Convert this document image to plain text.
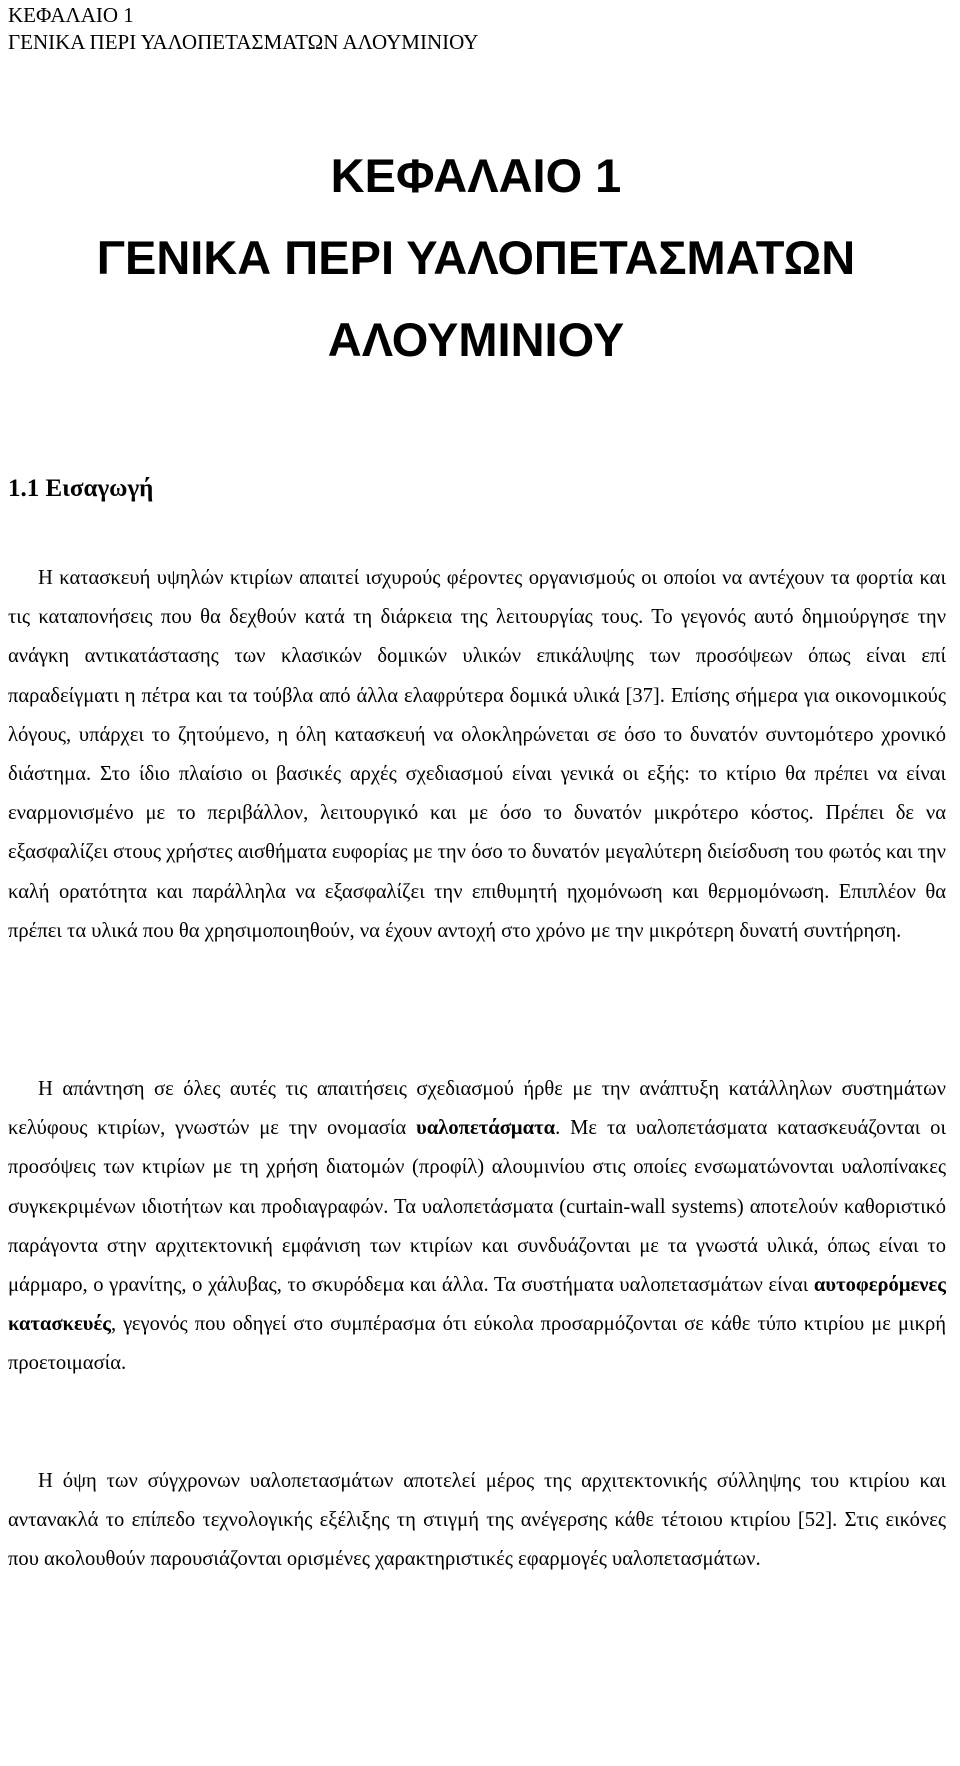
ΚΕΦΑΛΑΙΟ 1
ΓΕΝΙΚΑ ΠΕΡΙ ΥΑΛΟΠΕΤΑΣΜΑΤΩΝ ΑΛΟΥΜΙΝΙΟΥ
ΚΕΦΑΛΑΙΟ 1
ΓΕΝΙΚΑ ΠΕΡΙ ΥΑΛΟΠΕΤΑΣΜΑΤΩΝ
ΑΛΟΥΜΙΝΙΟΥ
1.1 Εισαγωγή

Η κατασκευή υψηλών κτιρίων απαιτεί ισχυρούς φέροντες οργανισμούς οι οποίοι να αντέχουν τα φορτία και τις καταπονήσεις που θα δεχθούν κατά τη διάρκεια της λειτουργίας τους. Το γεγονός αυτό δημιούργησε την ανάγκη αντικατάστασης των κλασικών δομικών υλικών επικάλυψης των προσόψεων όπως είναι επί παραδείγματι η πέτρα και τα τούβλα από άλλα ελαφρύτερα δομικά υλικά [37]. Επίσης σήμερα για οικονομικούς λόγους, υπάρχει το ζητούμενο, η όλη κατασκευή να ολοκληρώνεται σε όσο το δυνατόν συντομότερο χρονικό διάστημα. Στο ίδιο πλαίσιο οι βασικές αρχές σχεδιασμού είναι γενικά οι εξής: το κτίριο θα πρέπει να είναι εναρμονισμένο με το περιβάλλον, λειτουργικό και με όσο το δυνατόν μικρότερο κόστος. Πρέπει δε να εξασφαλίζει στους χρήστες αισθήματα ευφορίας με την όσο το δυνατόν μεγαλύτερη διείσδυση του φωτός και την καλή ορατότητα και παράλληλα να εξασφαλίζει την επιθυμητή ηχομόνωση και θερμομόνωση. Επιπλέον θα πρέπει τα υλικά που θα χρησιμοποιηθούν, να έχουν αντοχή στο χρόνο με την μικρότερη δυνατή συντήρηση.

Η απάντηση σε όλες αυτές τις απαιτήσεις σχεδιασμού ήρθε με την ανάπτυξη κατάλληλων συστημάτων κελύφους κτιρίων, γνωστών με την ονομασία υαλοπετάσματα. Με τα υαλοπετάσματα κατασκευάζονται οι προσόψεις των κτιρίων με τη χρήση διατομών (προφίλ) αλουμινίου στις οποίες ενσωματώνονται υαλοπίνακες συγκεκριμένων ιδιοτήτων και προδιαγραφών. Τα υαλοπετάσματα (curtain-wall systems) αποτελούν καθοριστικό παράγοντα στην αρχιτεκτονική εμφάνιση των κτιρίων και συνδυάζονται με τα γνωστά υλικά, όπως είναι το μάρμαρο, ο γρανίτης, ο χάλυβας, το σκυρόδεμα και άλλα. Τα συστήματα υαλοπετασμάτων είναι αυτοφερόμενες κατασκευές, γεγονός που οδηγεί στο συμπέρασμα ότι εύκολα προσαρμόζονται σε κάθε τύπο κτιρίου με μικρή προετοιμασία.

Η όψη των σύγχρονων υαλοπετασμάτων αποτελεί μέρος της αρχιτεκτονικής σύλληψης του κτιρίου και αντανακλά το επίπεδο τεχνολογικής εξέλιξης τη στιγμή της ανέγερσης κάθε τέτοιου κτιρίου [52]. Στις εικόνες που ακολουθούν παρουσιάζονται ορισμένες χαρακτηριστικές εφαρμογές υαλοπετασμάτων.
